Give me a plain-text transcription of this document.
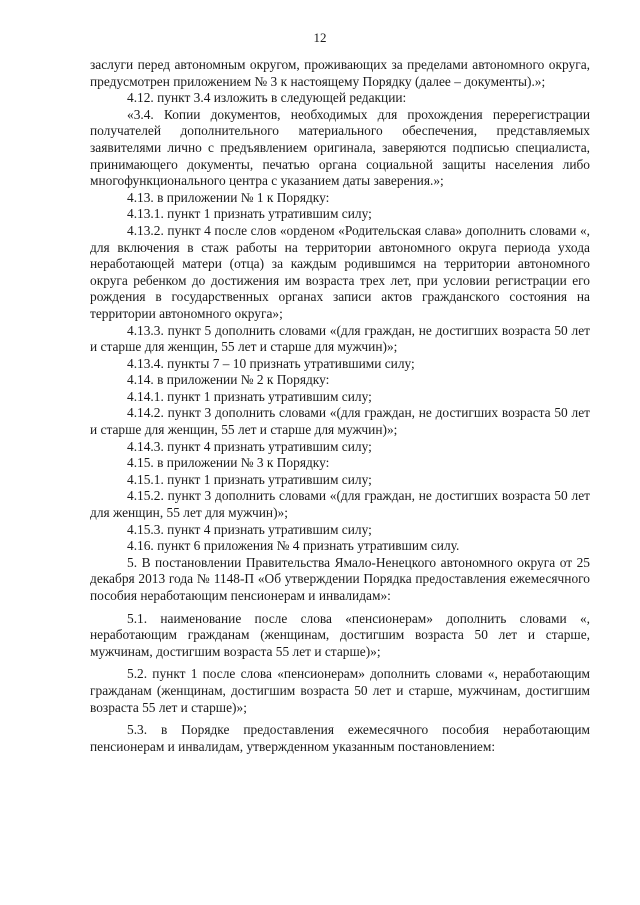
12

заслуги перед автономным округом, проживающих за пределами автономного округа, предусмотрен приложением № 3 к настоящему Порядку (далее – документы).»;

4.12. пункт 3.4 изложить в следующей редакции:

«3.4. Копии документов, необходимых для прохождения перерегистрации получателей дополнительного материального обеспечения, представляемых заявителями лично с предъявлением оригинала, заверяются подписью специалиста, принимающего документы, печатью органа социальной защиты населения либо многофункционального центра с указанием даты заверения.»;

4.13. в приложении № 1 к Порядку:

4.13.1. пункт 1 признать утратившим силу;

4.13.2. пункт 4 после слов «орденом «Родительская слава» дополнить словами «, для включения в стаж работы на территории автономного округа периода ухода неработающей матери (отца) за каждым родившимся на территории автономного округа ребенком до достижения им возраста трех лет, при условии регистрации его рождения в государственных органах записи актов гражданского состояния на территории автономного округа»;

4.13.3. пункт 5 дополнить словами «(для граждан, не достигших возраста 50 лет и старше для женщин, 55 лет и старше для мужчин)»;

4.13.4. пункты 7 – 10 признать утратившими силу;

4.14. в приложении № 2 к Порядку:

4.14.1. пункт 1 признать утратившим силу;

4.14.2. пункт 3 дополнить словами «(для граждан, не достигших возраста 50 лет и старше для женщин, 55 лет и старше для мужчин)»;

4.14.3. пункт 4 признать утратившим силу;

4.15. в приложении № 3 к Порядку:

4.15.1. пункт 1 признать утратившим силу;

4.15.2. пункт 3 дополнить словами «(для граждан, не достигших возраста 50 лет для женщин, 55 лет для мужчин)»;

4.15.3. пункт 4 признать утратившим силу;

4.16. пункт 6 приложения № 4 признать утратившим силу.

5. В постановлении Правительства Ямало-Ненецкого автономного округа от 25 декабря 2013 года № 1148-П «Об утверждении Порядка предоставления ежемесячного пособия неработающим пенсионерам и инвалидам»:

5.1. наименование после слова «пенсионерам» дополнить словами «, неработающим гражданам (женщинам, достигшим возраста 50 лет и старше, мужчинам, достигшим возраста 55 лет и старше)»;

5.2. пункт 1 после слова «пенсионерам» дополнить словами «, неработающим гражданам (женщинам, достигшим возраста 50 лет и старше, мужчинам, достигшим возраста 55 лет и старше)»;

5.3. в Порядке предоставления ежемесячного пособия неработающим пенсионерам и инвалидам, утвержденном указанным постановлением:
